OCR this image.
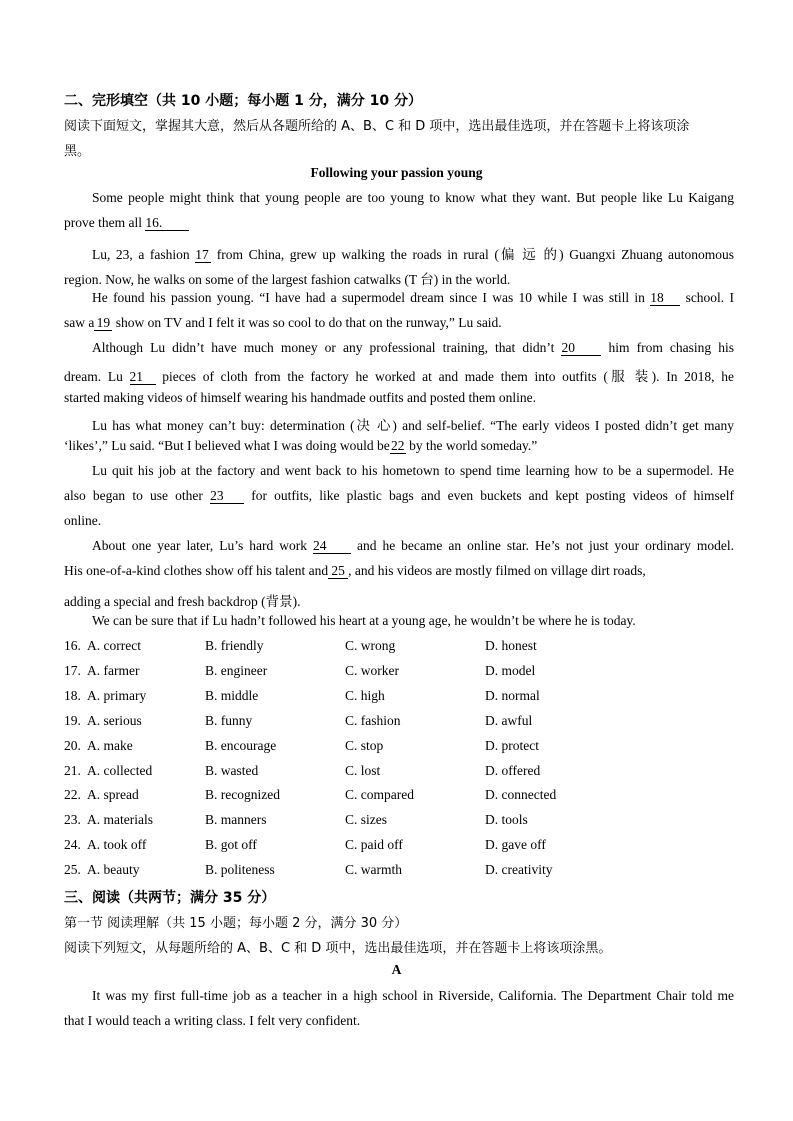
二、完形填空（共 10 小题；每小题 1 分，满分 10 分）
阅读下面短文，掌握其大意，然后从各题所给的 A、B、C 和 D 项中，选出最佳选项，并在答题卡上将该项涂
黑。
Following your passion young
Some people might think that young people are too young to know what they want. But people like Lu Kaigang
prove them all 16.
Lu, 23, a fashion 17 from China, grew up walking the roads in rural (偏 远 的) Guangxi Zhuang autonomous
region. Now, he walks on some of the largest fashion catwalks (T 台) in the world.
He found his passion young. “I have had a supermodel dream since I was 10 while I was still in 18 school. I
saw a 19 show on TV and I felt it was so cool to do that on the runway,” Lu said.
Although Lu didn’t have much money or any professional training, that didn’t 20 him from chasing his
dream. Lu 21 pieces of cloth from the factory he worked at and made them into outfits (服 装). In 2018, he
started making videos of himself wearing his handmade outfits and posted them online.
Lu has what money can’t buy: determination (决 心) and self-belief. “The early videos I posted didn’t get many
‘likes’,” Lu said. “But I believed what I was doing would be22 by the world someday.”
Lu quit his job at the factory and went back to his hometown to spend time learning how to be a supermodel. He
also began to use other 23 for outfits, like plastic bags and even buckets and kept posting videos of himself
online.
About one year later, Lu’s hard work 24 and he became an online star. He’s not just your ordinary model.
His one-of-a-kind clothes show off his talent and 25 , and his videos are mostly filmed on village dirt roads,
adding a special and fresh backdrop (背景).
We can be sure that if Lu hadn’t followed his heart at a young age, he wouldn’t be where he is today.
16. A. correct	B. friendly	C. wrong	D. honest
17. A. farmer	B. engineer	C. worker	D. model
18. A. primary	B. middle	C. high	D. normal
19. A. serious	B. funny	C. fashion	D. awful
20. A. make	B. encourage	C. stop	D. protect
21. A. collected	B. wasted	C. lost	D. offered
22. A. spread	B. recognized	C. compared	D. connected
23. A. materials	B. manners	C. sizes	D. tools
24. A. took off	B. got off	C. paid off	D. gave off
25. A. beauty	B. politeness	C. warmth	D. creativity
三、阅读（共两节；满分 35 分）
第一节 阅读理解（共 15 小题；每小题 2 分，满分 30 分）
阅读下列短文，从每题所给的 A、B、C 和 D 项中，选出最佳选项，并在答题卡上将该项涂黑。
A
It was my first full-time job as a teacher in a high school in Riverside, California. The Department Chair told me
that I would teach a writing class. I felt very confident.
